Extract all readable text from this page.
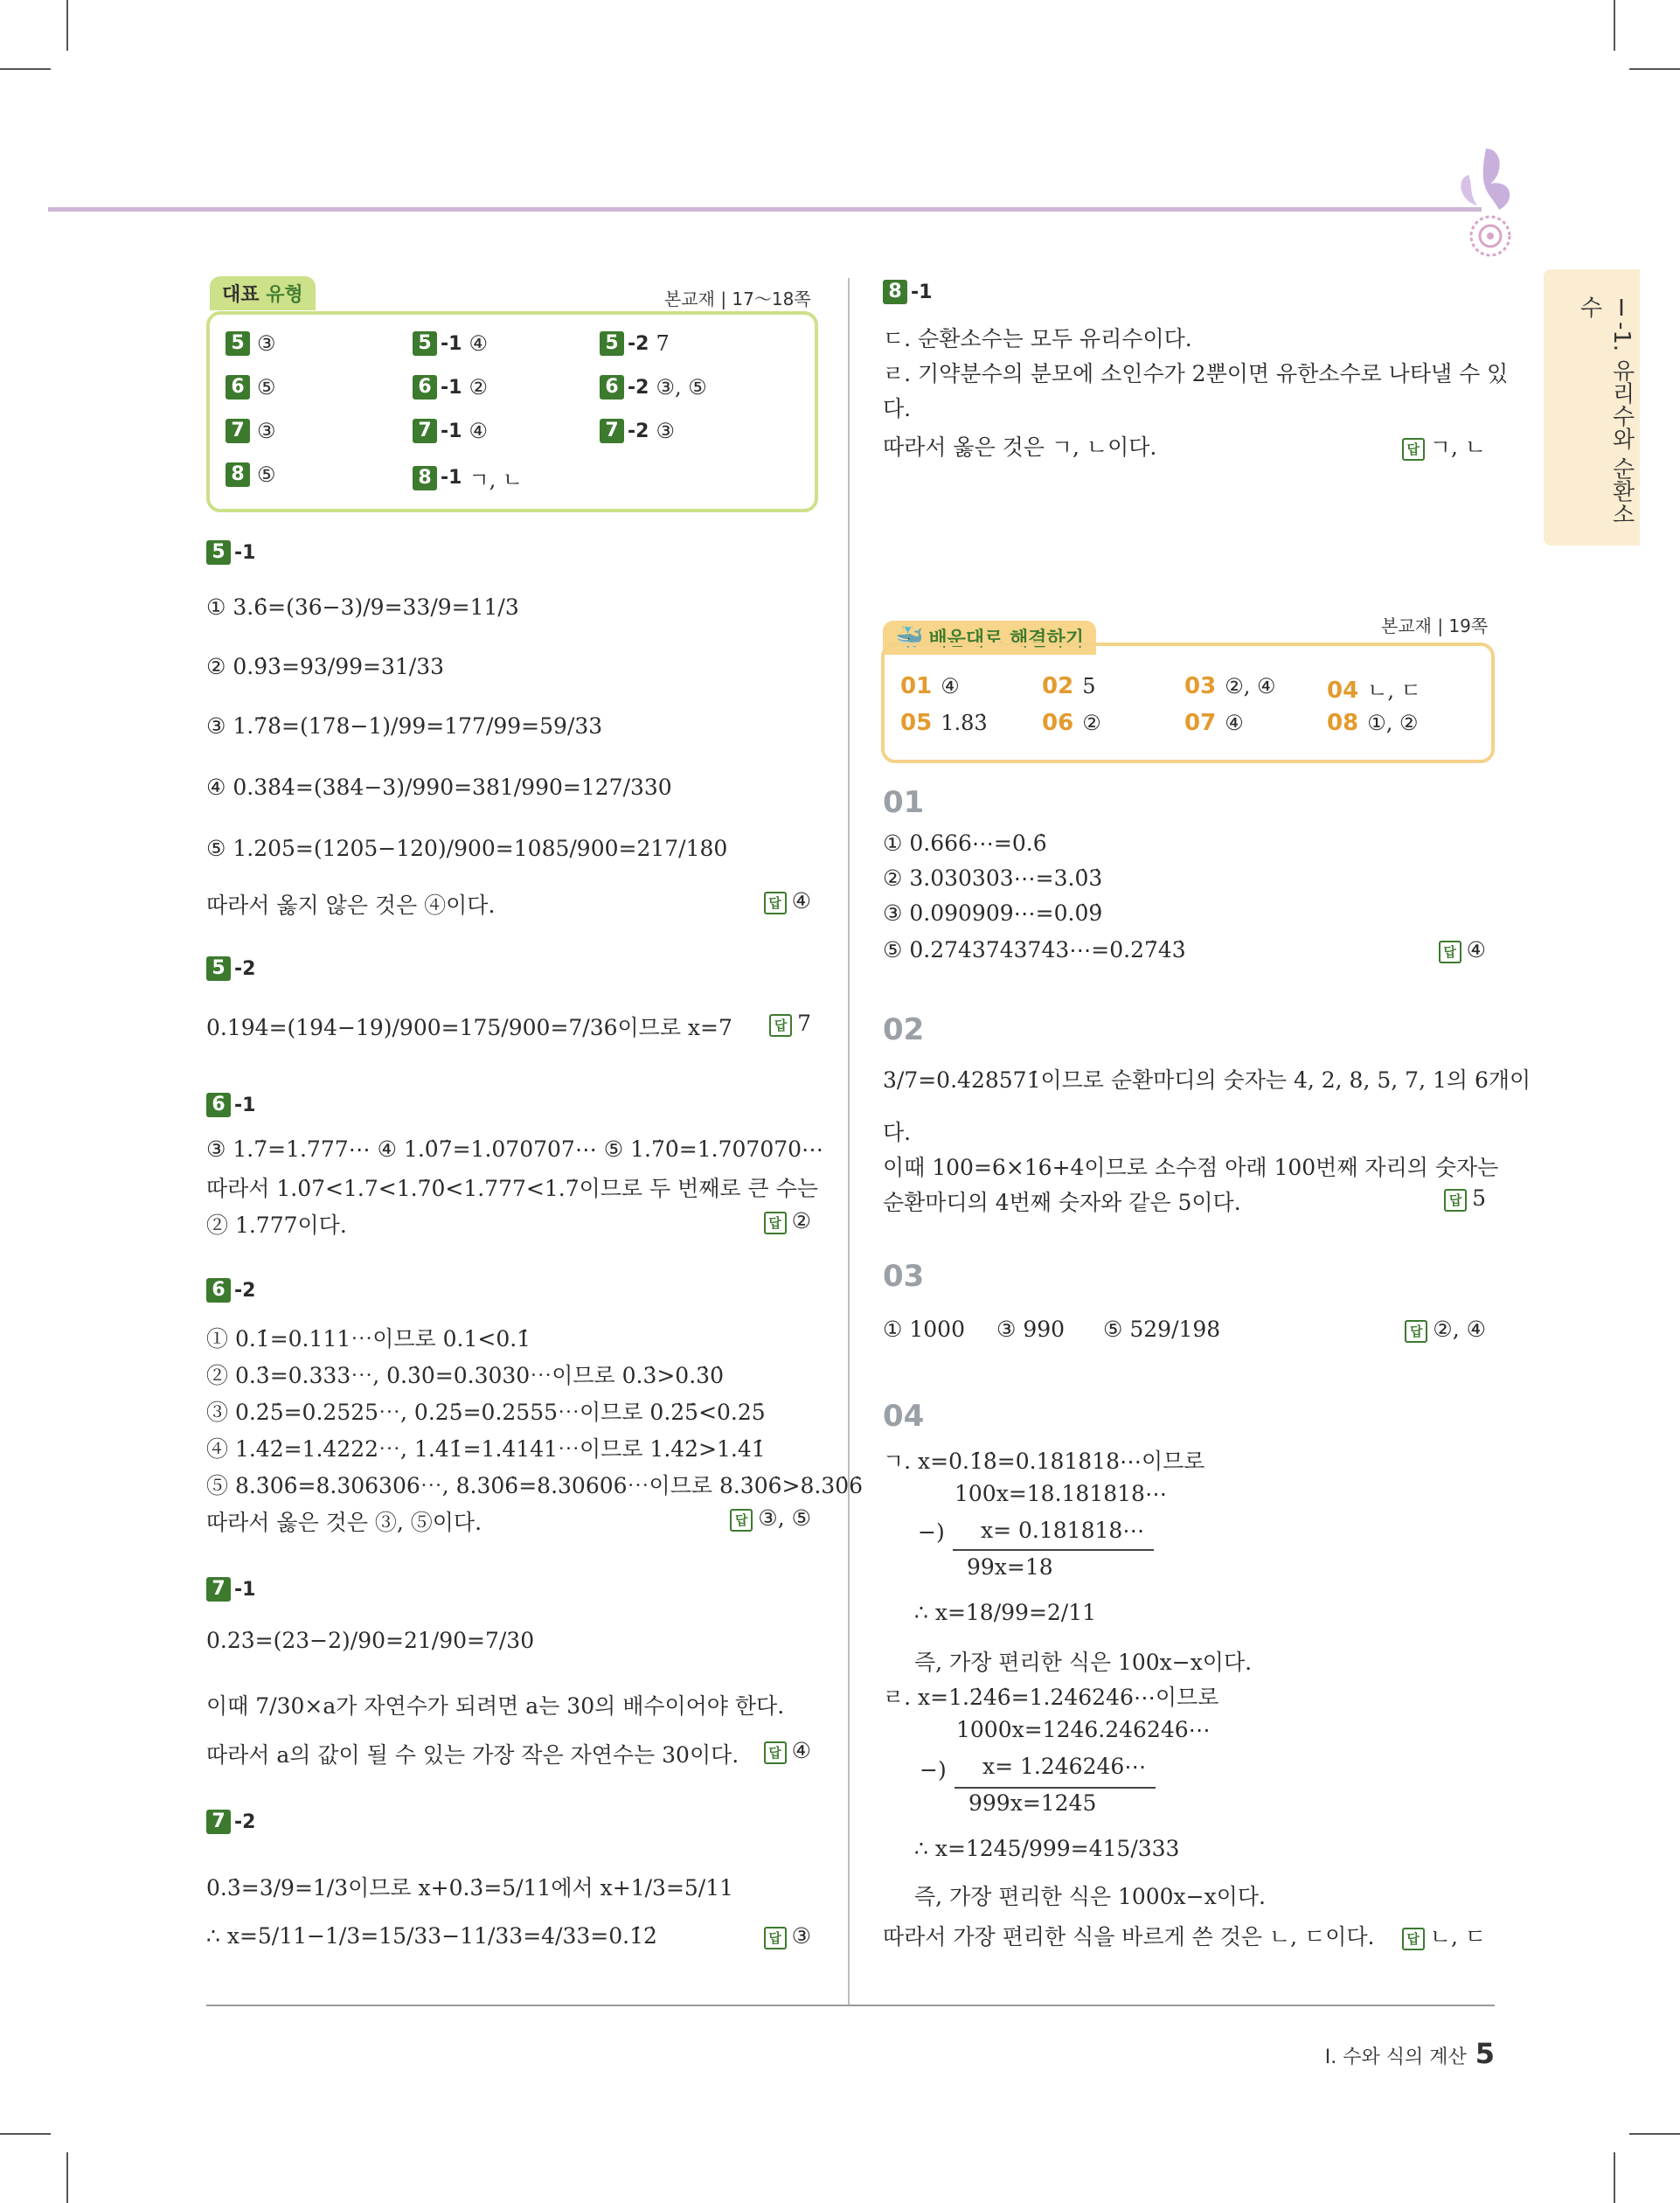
Ⅰ-1. 유리수와 순환소수
대표 유형	본교재 | 17～18쪽
5 ③	5 -1 ④	5 -2 7
6 ⑤	6 -1 ②	6 -2 ③, ⑤
7 ③	7 -1 ④	7 -2 ③
8 ⑤	8 -1 ㄱ, ㄴ
5 -1
① 3.6̇=(36−3)/9=33/9=11/3
② 0.9̇3̇=93/99=31/33
③ 1.7̇8̇=(178−1)/99=177/99=59/33
④ 0.38̇4̇=(384−3)/990=381/990=127/330
⑤ 1.205̇=(1205−120)/900=1085/900=217/180
따라서 옳지 않은 것은 ④이다.	답 ④
5 -2
0.194̇=(194−19)/900=175/900=7/36이므로 x=7	답 7
6 -1
③ 1.7̇=1.777⋯ ④ 1.0̇7̇=1.070707⋯ ⑤ 1.7̇0̇=1.707070⋯
따라서 1.0̇7̇<1.7<1.7̇0̇<1.777<1.7̇이므로 두 번째로 큰 수는
② 1.777이다.	답 ②
6 -2
① 0.1̇=0.111⋯이므로 0.1<0.1̇
② 0.3̇=0.333⋯, 0.3̇0̇=0.3030⋯이므로 0.3̇>0.3̇0̇
③ 0.2̇5̇=0.2525⋯, 0.25̇=0.2555⋯이므로 0.2̇5̇<0.25̇
④ 1.42̇=1.4222⋯, 1.4̇1̇=1.4141⋯이므로 1.42̇>1.4̇1̇
⑤ 8.3̇06̇=8.306306⋯, 8.30̇6̇=8.30606⋯이므로 8.3̇06̇>8.30̇6̇
따라서 옳은 것은 ③, ⑤이다.	답 ③, ⑤
7 -1
0.23̇=(23−2)/90=21/90=7/30
이때 7/30×a가 자연수가 되려면 a는 30의 배수이어야 한다.
따라서 a의 값이 될 수 있는 가장 작은 자연수는 30이다.	답 ④
7 -2
0.3̇=3/9=1/3이므로 x+0.3̇=5/11에서 x+1/3=5/11
∴ x=5/11−1/3=15/33−11/33=4/33=0.1̇2̇	답 ③
8 -1
ㄷ. 순환소수는 모두 유리수이다.
ㄹ. 기약분수의 분모에 소인수가 2뿐이면 유한소수로 나타낼 수 있
다.
따라서 옳은 것은 ㄱ, ㄴ이다.	답 ㄱ, ㄴ
🐳 배운대로 해결하기
본교재 | 19쪽
01 ④	02 5	03 ②, ④ 04 ㄴ, ㄷ
05 1.83̇ 06 ②	07 ④	08 ①, ②
01
① 0.666⋯=0.6̇
② 3.030303⋯=3.0̇3̇
③ 0.090909⋯=0.0̇9̇
⑤ 0.2743743743⋯=0.27̇43̇	답 ④
02
3/7=0.4̇28571̇이므로 순환마디의 숫자는 4, 2, 8, 5, 7, 1의 6개이
다.
이때 100=6×16+4이므로 소수점 아래 100번째 자리의 숫자는
순환마디의 4번째 숫자와 같은 5이다.	답 5
03
① 1000 ③ 990 ⑤ 529/198	답 ②, ④
04
ㄱ. x=0.1̇8̇=0.181818⋯이므로
100x=18.181818⋯
x= 0.181818⋯
99x=18
∴ x=18/99=2/11
즉, 가장 편리한 식은 100x−x이다.
ㄹ. x=1.2̇46̇=1.246246⋯이므로
1000x=1246.246246⋯
x= 1.246246⋯
999x=1245
∴ x=1245/999=415/333
즉, 가장 편리한 식은 1000x−x이다.
따라서 가장 편리한 식을 바르게 쓴 것은 ㄴ, ㄷ이다.	답 ㄴ, ㄷ
−)
−)
Ⅰ. 수와 식의 계산 5
